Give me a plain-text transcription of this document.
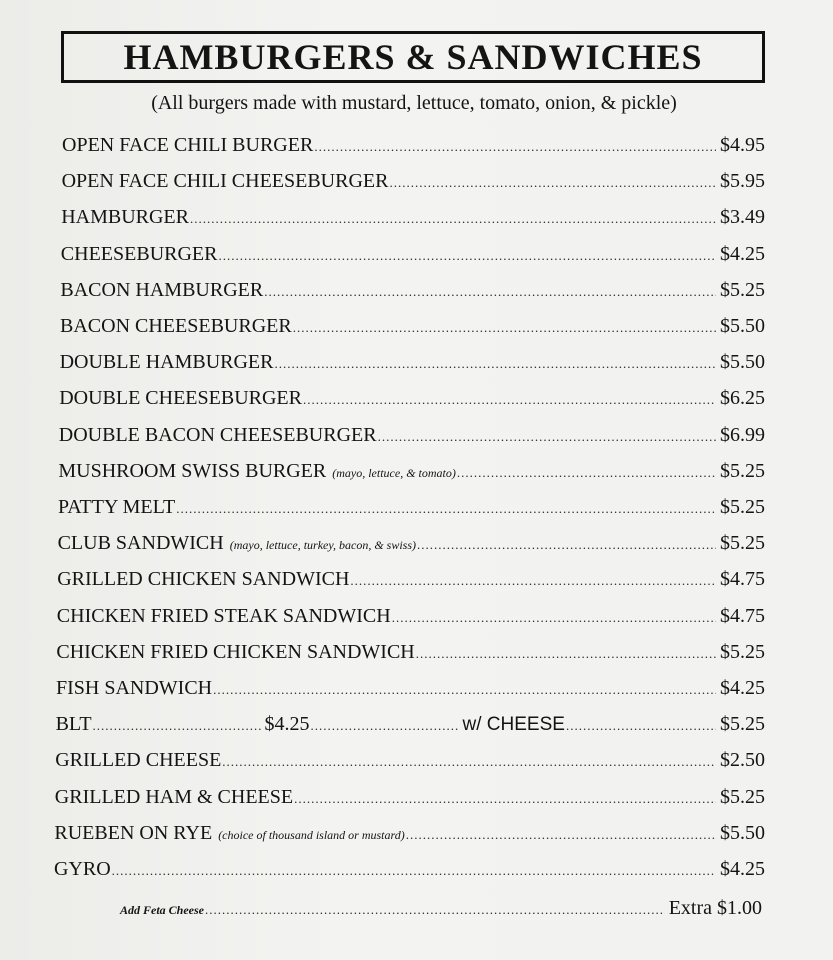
HAMBURGERS & SANDWICHES
(All burgers made with mustard, lettuce, tomato, onion, & pickle)
OPEN FACE CHILI BURGER .....	$4.95
OPEN FACE CHILI CHEESEBURGER .....	$5.95
HAMBURGER .....	$3.49
CHEESEBURGER .....	$4.25
BACON HAMBURGER .....	$5.25
BACON CHEESEBURGER .....	$5.50
DOUBLE HAMBURGER .....	$5.50
DOUBLE CHEESEBURGER .....	$6.25
DOUBLE BACON CHEESEBURGER .....	$6.99
MUSHROOM SWISS BURGER (mayo, lettuce, & tomato) .....	$5.25
PATTY MELT .....	$5.25
CLUB SANDWICH (mayo, lettuce, turkey, bacon, & swiss) .....	$5.25
GRILLED CHICKEN SANDWICH .....	$4.75
CHICKEN FRIED STEAK SANDWICH .....	$4.75
CHICKEN FRIED CHICKEN SANDWICH .....	$5.25
FISH SANDWICH .....	$4.25
BLT .....	$4.25 .....	w/ CHEESE .....	$5.25
GRILLED CHEESE .....	$2.50
GRILLED HAM & CHEESE .....	$5.25
RUEBEN ON RYE (choice of thousand island or mustard) .....	$5.50
GYRO .....	$4.25
Add Feta Cheese .....	Extra $1.00
